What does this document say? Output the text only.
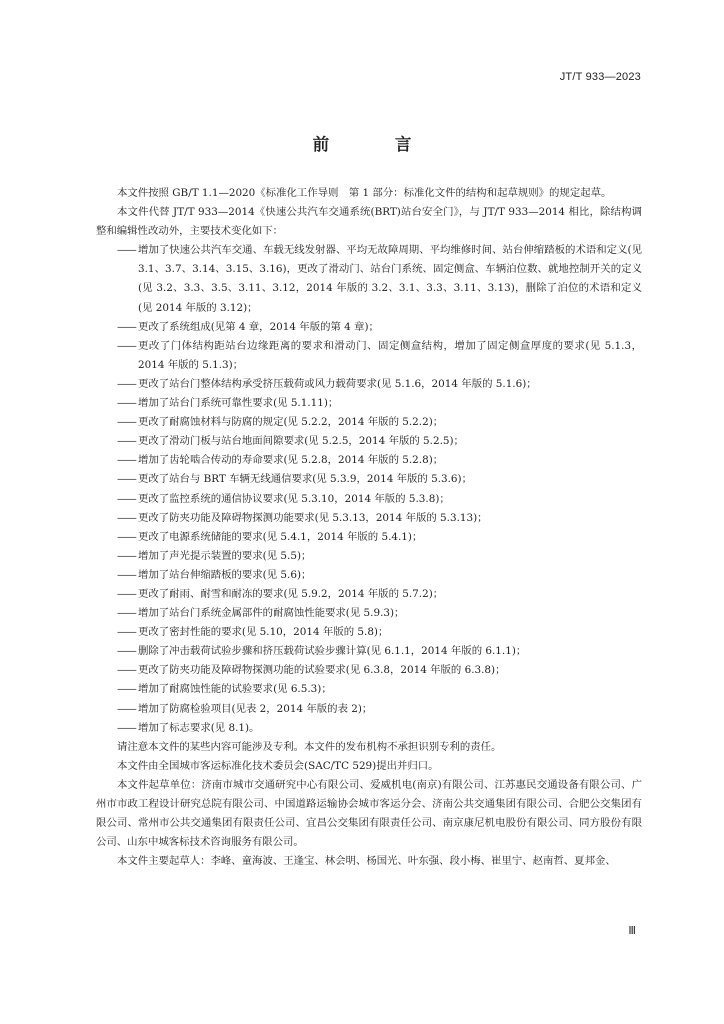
JT/T 933—2023
前 言

本文件按照 GB/T 1.1—2020《标准化工作导则　第 1 部分：标准化文件的结构和起草规则》的规定起草。

本文件代替 JT/T 933—2014《快速公共汽车交通系统(BRT)站台安全门》，与 JT/T 933—2014 相比，除结构调整和编辑性改动外，主要技术变化如下：

—— 增加了快速公共汽车交通、车载无线发射器、平均无故障周期、平均维修时间、站台伸缩踏板的术语和定义(见 3.1、3.7、3.14、3.15、3.16)，更改了滑动门、站台门系统、固定侧盒、车辆泊位数、就地控制开关的定义(见 3.2、3.3、3.5、3.11、3.12，2014 年版的 3.2、3.1、3.3、3.11、3.13)，删除了泊位的术语和定义(见 2014 年版的 3.12)；
—— 更改了系统组成(见第 4 章，2014 年版的第 4 章)；
—— 更改了门体结构距站台边缘距离的要求和滑动门、固定侧盒结构，增加了固定侧盒厚度的要求(见 5.1.3，2014 年版的 5.1.3)；
—— 更改了站台门整体结构承受挤压载荷或风力载荷要求(见 5.1.6，2014 年版的 5.1.6)；
—— 增加了站台门系统可靠性要求(见 5.1.11)；
—— 更改了耐腐蚀材料与防腐的规定(见 5.2.2，2014 年版的 5.2.2)；
—— 更改了滑动门板与站台地面间隙要求(见 5.2.5，2014 年版的 5.2.5)；
—— 增加了齿轮啮合传动的寿命要求(见 5.2.8，2014 年版的 5.2.8)；
—— 更改了站台与 BRT 车辆无线通信要求(见 5.3.9，2014 年版的 5.3.6)；
—— 更改了监控系统的通信协议要求(见 5.3.10，2014 年版的 5.3.8)；
—— 更改了防夹功能及障碍物探测功能要求(见 5.3.13，2014 年版的 5.3.13)；
—— 更改了电源系统储能的要求(见 5.4.1，2014 年版的 5.4.1)；
—— 增加了声光提示装置的要求(见 5.5)；
—— 增加了站台伸缩踏板的要求(见 5.6)；
—— 更改了耐雨、耐雪和耐冻的要求(见 5.9.2，2014 年版的 5.7.2)；
—— 增加了站台门系统金属部件的耐腐蚀性能要求(见 5.9.3)；
—— 更改了密封性能的要求(见 5.10，2014 年版的 5.8)；
—— 删除了冲击载荷试验步骤和挤压载荷试验步骤计算(见 6.1.1，2014 年版的 6.1.1)；
—— 更改了防夹功能及障碍物探测功能的试验要求(见 6.3.8，2014 年版的 6.3.8)；
—— 增加了耐腐蚀性能的试验要求(见 6.5.3)；
—— 增加了防腐检验项目(见表 2，2014 年版的表 2)；
—— 增加了标志要求(见 8.1)。

请注意本文件的某些内容可能涉及专利。本文件的发布机构不承担识别专利的责任。

本文件由全国城市客运标准化技术委员会(SAC/TC 529)提出并归口。

本文件起草单位：济南市城市交通研究中心有限公司、爱威机电(南京)有限公司、江苏惠民交通设备有限公司、广州市市政工程设计研究总院有限公司、中国道路运输协会城市客运分会、济南公共交通集团有限公司、合肥公交集团有限公司、常州市公共交通集团有限责任公司、宜昌公交集团有限责任公司、南京康尼机电股份有限公司、同方股份有限公司、山东中城客标技术咨询服务有限公司。

本文件主要起草人：李峰、童海波、王逢宝、林会明、杨国光、叶东强、段小梅、崔里宁、赵南哲、夏邦金、

Ⅲ
